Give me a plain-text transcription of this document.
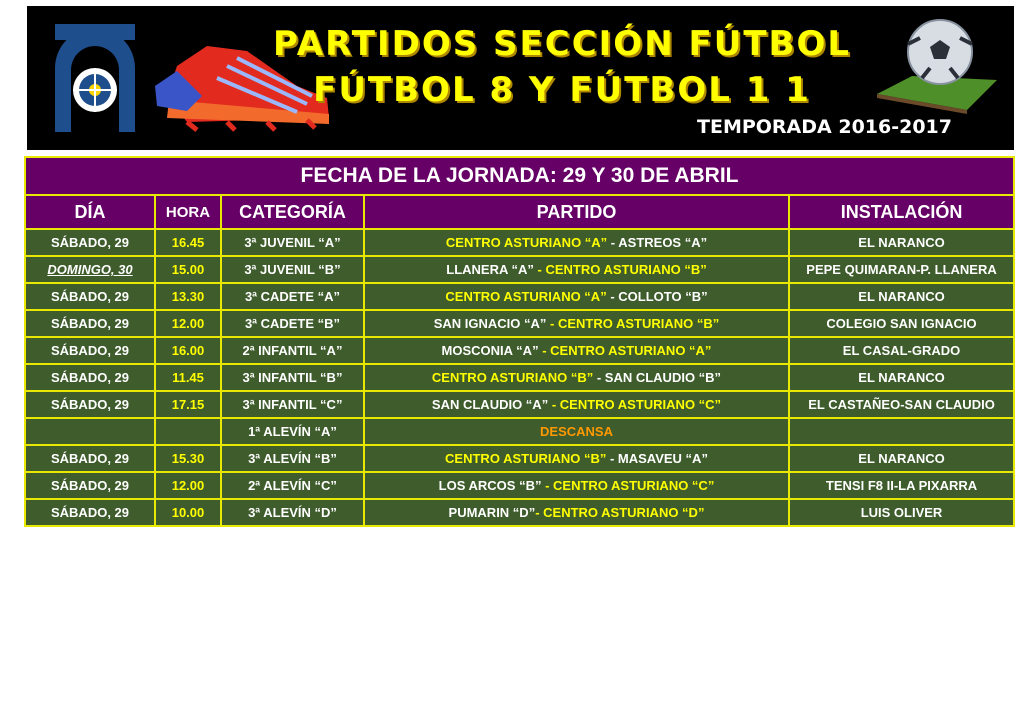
PARTIDOS SECCIÓN FÚTBOL
FÚTBOL 8 Y FÚTBOL 1 1
TEMPORADA 2016-2017
FECHA DE LA JORNADA: 29 Y 30 DE ABRIL				
DÍA	HORA	CATEGORÍA	PARTIDO	INSTALACIÓN
SÁBADO, 29	16.45	3ª JUVENIL “A”	CENTRO ASTURIANO “A” - ASTREOS “A”	EL NARANCO
DOMINGO, 30	15.00	3ª JUVENIL “B”	LLANERA “A” - CENTRO ASTURIANO “B”	PEPE QUIMARAN-P. LLANERA
SÁBADO, 29	13.30	3ª CADETE “A”	CENTRO ASTURIANO “A” - COLLOTO “B”	EL NARANCO
SÁBADO, 29	12.00	3ª CADETE “B”	SAN IGNACIO “A” - CENTRO ASTURIANO “B”	COLEGIO SAN IGNACIO
SÁBADO, 29	16.00	2ª INFANTIL “A”	MOSCONIA “A” - CENTRO ASTURIANO “A”	EL CASAL-GRADO
SÁBADO, 29	11.45	3ª INFANTIL “B”	CENTRO ASTURIANO “B” - SAN CLAUDIO “B”	EL NARANCO
SÁBADO, 29	17.15	3ª INFANTIL “C”	SAN CLAUDIO “A” - CENTRO ASTURIANO “C”	EL CASTAÑEO-SAN CLAUDIO
		1ª ALEVÍN “A”	DESCANSA	
SÁBADO, 29	15.30	3ª ALEVÍN “B”	CENTRO ASTURIANO “B” - MASAVEU “A”	EL NARANCO
SÁBADO, 29	12.00	2ª ALEVÍN “C”	LOS ARCOS “B” - CENTRO ASTURIANO “C”	TENSI F8 II-LA PIXARRA
SÁBADO, 29	10.00	3ª ALEVÍN “D”	PUMARIN “D”- CENTRO ASTURIANO “D”	LUIS OLIVER
